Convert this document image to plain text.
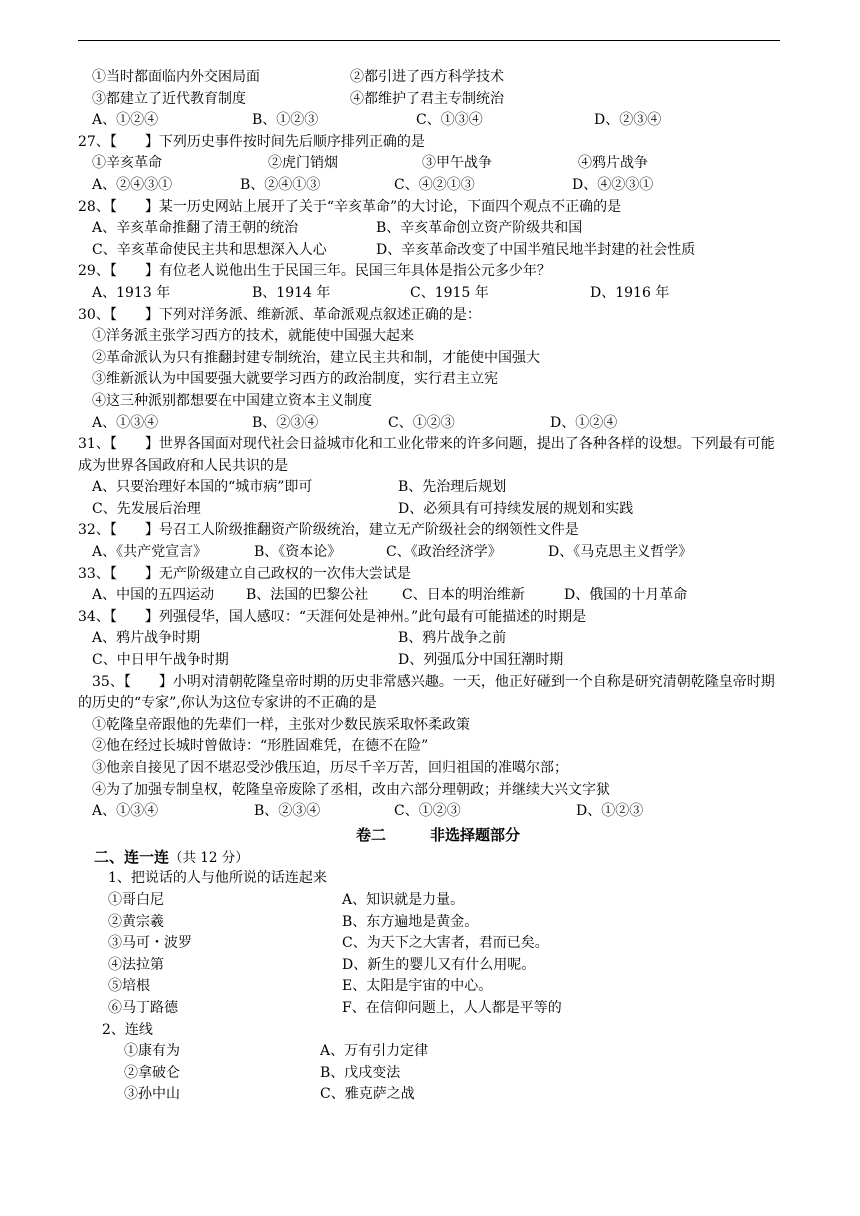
①当时都面临内外交困局面	②都引进了西方科学技术
③都建立了近代教育制度	④都维护了君主专制统治
A、①②④	B、①②③	C、①③④	D、②③④
27、【　　】下列历史事件按时间先后顺序排列正确的是
①辛亥革命	②虎门销烟	③甲午战争	④鸦片战争
A、②④③①	B、②④①③	C、④②①③	D、④②③①
28、【　　】某一历史网站上展开了关于“辛亥革命”的大讨论，下面四个观点不正确的是
A、辛亥革命推翻了清王朝的统治	B、辛亥革命创立资产阶级共和国
C、辛亥革命使民主共和思想深入人心	D、辛亥革命改变了中国半殖民地半封建的社会性质
29、【　　】有位老人说他出生于民国三年。民国三年具体是指公元多少年？
A、1913 年	B、1914 年	C、1915 年	D、1916 年
30、【　　】下列对洋务派、维新派、革命派观点叙述正确的是：
①洋务派主张学习西方的技术，就能使中国强大起来
②革命派认为只有推翻封建专制统治，建立民主共和制，才能使中国强大
③维新派认为中国要强大就要学习西方的政治制度，实行君主立宪
④这三种派别都想要在中国建立资本主义制度
A、①③④	B、②③④	C、①②③	D、①②④
31、【　　】世界各国面对现代社会日益城市化和工业化带来的许多问题，提出了各种各样的设想。下列最有可能成为世界各国政府和人民共识的是
A、只要治理好本国的“城市病”即可	B、先治理后规划
C、先发展后治理	D、必须具有可持续发展的规划和实践
32、【　　】号召工人阶级推翻资产阶级统治，建立无产阶级社会的纲领性文件是
A、《共产党宣言》	B、《资本论》	C、《政治经济学》	D、《马克思主义哲学》
33、【　　】无产阶级建立自己政权的一次伟大尝试是
A、中国的五四运动 B、法国的巴黎公社 C、日本的明治维新	D、俄国的十月革命
34、【　　】列强侵华，国人感叹：“天涯何处是神州。”此句最有可能描述的时期是
A、鸦片战争时期	B、鸦片战争之前
C、中日甲午战争时期	D、列强瓜分中国狂潮时期
35、【　　】小明对清朝乾隆皇帝时期的历史非常感兴趣。一天，他正好碰到一个自称是研究清朝乾隆皇帝时期的历史的“专家”,你认为这位专家讲的不正确的是
①乾隆皇帝跟他的先辈们一样，主张对少数民族采取怀柔政策
②他在经过长城时曾做诗：“形胜固难凭，在德不在险”
③他亲自接见了因不堪忍受沙俄压迫，历尽千辛万苦，回归祖国的准噶尔部；
④为了加强专制皇权，乾隆皇帝废除了丞相，改由六部分理朝政；并继续大兴文字狱
A、①③④	B、②③④	C、①②③	D、①②③
卷二	非选择题部分
二、连一连（共 12 分）
1、把说话的人与他所说的话连起来
①哥白尼	A、知识就是力量。
②黄宗羲	B、东方遍地是黄金。
③马可・波罗	C、为天下之大害者，君而已矣。
④法拉第	D、新生的婴儿又有什么用呢。
⑤培根	E、太阳是宇宙的中心。
⑥马丁路德	F、在信仰问题上，人人都是平等的
2、连线
①康有为	A、万有引力定律
②拿破仑	B、戊戌变法
③孙中山	C、雅克萨之战
